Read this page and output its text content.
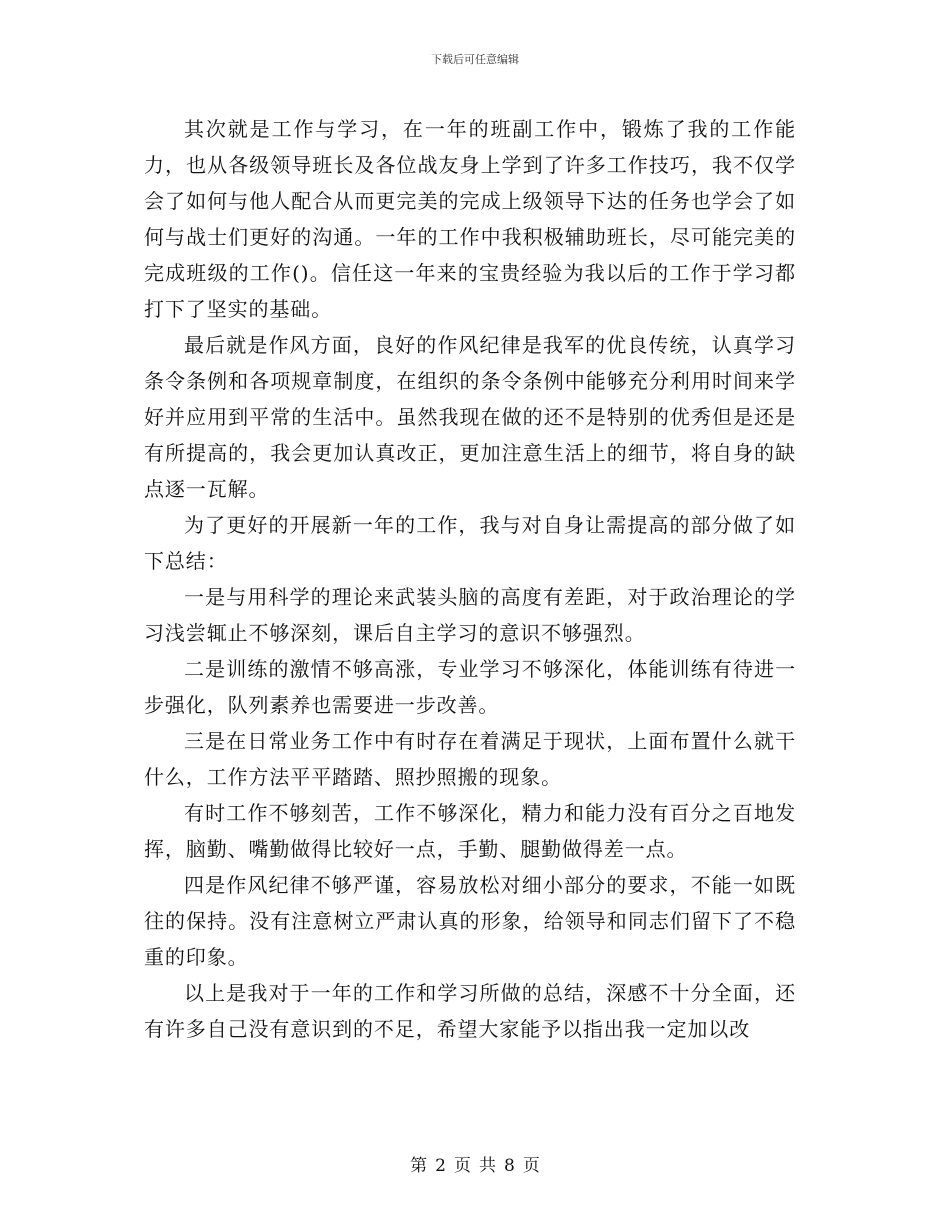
下载后可任意编辑

其次就是工作与学习，在一年的班副工作中，锻炼了我的工作能力，也从各级领导班长及各位战友身上学到了许多工作技巧，我不仅学会了如何与他人配合从而更完美的完成上级领导下达的任务也学会了如何与战士们更好的沟通。一年的工作中我积极辅助班长，尽可能完美的完成班级的工作()。信任这一年来的宝贵经验为我以后的工作于学习都打下了坚实的基础。

最后就是作风方面，良好的作风纪律是我军的优良传统，认真学习条令条例和各项规章制度，在组织的条令条例中能够充分利用时间来学好并应用到平常的生活中。虽然我现在做的还不是特别的优秀但是还是有所提高的，我会更加认真改正，更加注意生活上的细节，将自身的缺点逐一瓦解。

为了更好的开展新一年的工作，我与对自身让需提高的部分做了如下总结：

一是与用科学的理论来武装头脑的高度有差距，对于政治理论的学习浅尝辄止不够深刻，课后自主学习的意识不够强烈。

二是训练的激情不够高涨，专业学习不够深化，体能训练有待进一步强化，队列素养也需要进一步改善。

三是在日常业务工作中有时存在着满足于现状，上面布置什么就干什么，工作方法平平踏踏、照抄照搬的现象。

有时工作不够刻苦，工作不够深化，精力和能力没有百分之百地发挥，脑勤、嘴勤做得比较好一点，手勤、腿勤做得差一点。

四是作风纪律不够严谨，容易放松对细小部分的要求，不能一如既往的保持。没有注意树立严肃认真的形象，给领导和同志们留下了不稳重的印象。

以上是我对于一年的工作和学习所做的总结，深感不十分全面，还有许多自己没有意识到的不足，希望大家能予以指出我一定加以改

第 2 页 共 8 页
